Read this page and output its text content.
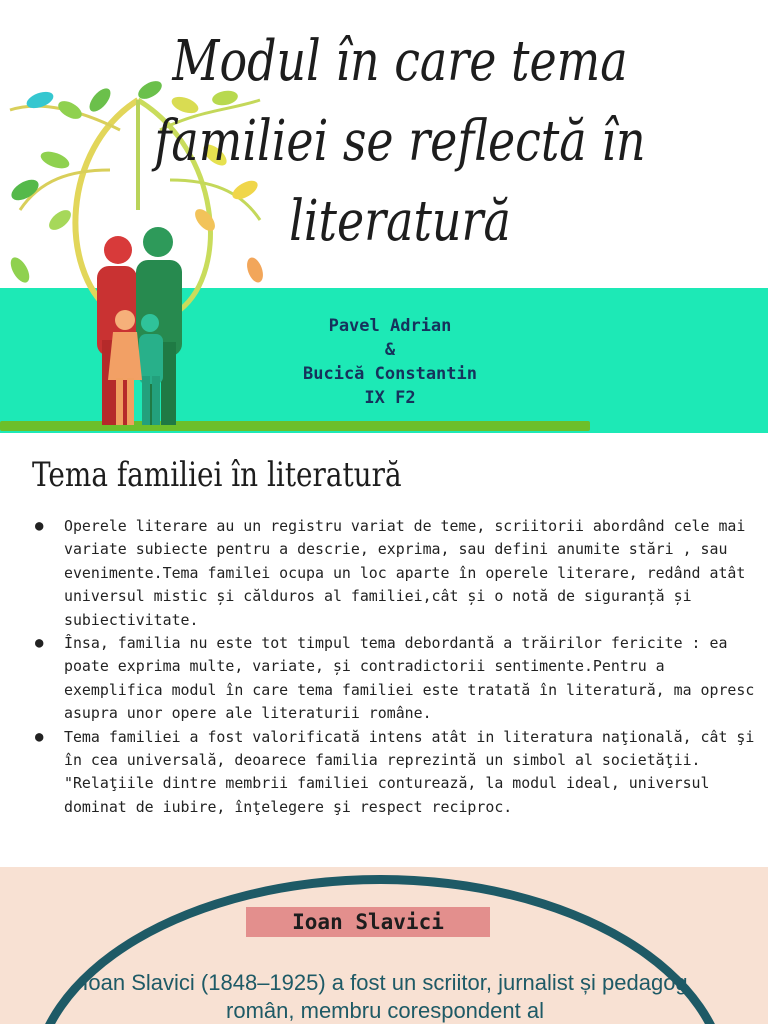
Modul în care tema familiei se reflectă în literatură
Pavel Adrian
&
Bucică Constantin
IX F2
Tema familiei în literatură
● Operele literare au un registru variat de teme, scriitorii abordând cele mai variate subiecte pentru a descrie, exprima, sau defini anumite stări , sau evenimente.Tema familei ocupa un loc aparte în operele literare, redând atât universul mistic și călduros al familiei,cât și o notă de siguranță și subiectivitate.
● Însa, familia nu este tot timpul tema debordantă a trăirilor fericite : ea poate exprima multe, variate, și contradictorii sentimente.Pentru a exemplifica modul în care tema familiei este tratată în literatură, ma opresc asupra unor opere ale literaturii române.
● Tema familiei a fost valorificată intens atât in literatura naţională, cât şi în cea universală, deoarece familia reprezintă un simbol al societăţii. "Relaţiile dintre membrii familiei conturează, la modul ideal, universul dominat de iubire, înţelegere şi respect reciproc.
Ioan Slavici
Ioan Slavici (1848–1925) a fost un scriitor, jurnalist și pedagog român, membru corespondent al
